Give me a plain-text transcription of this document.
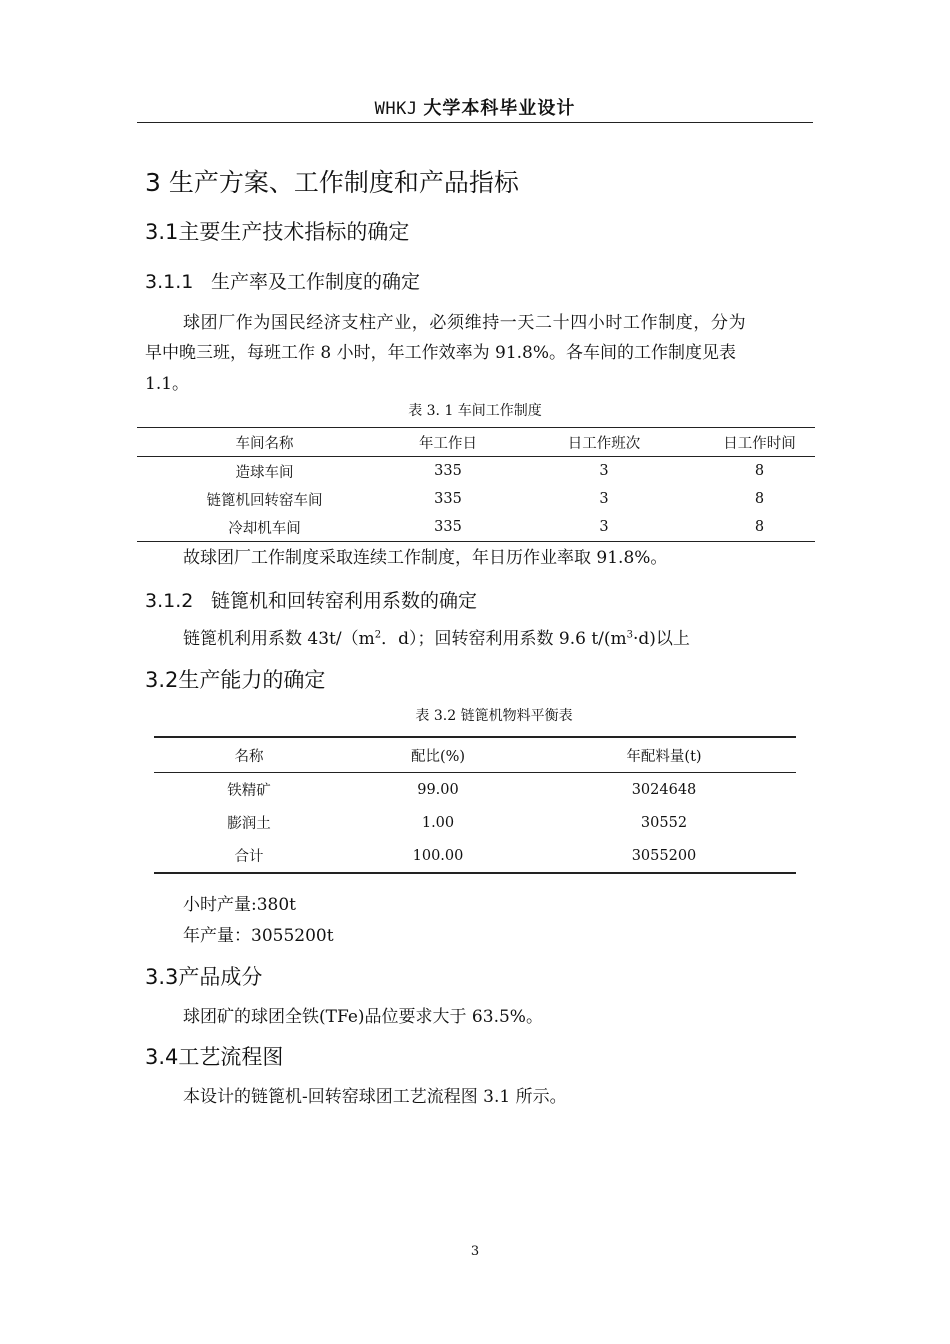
WHKJ 大学本科毕业设计
3 生产方案、工作制度和产品指标
3.1主要生产技术指标的确定
3.1.1 生产率及工作制度的确定
球团厂作为国民经济支柱产业，必须维持一天二十四小时工作制度，分为
早中晚三班，每班工作 8 小时，年工作效率为 91.8%。各车间的工作制度见表
1.1。
表 3. 1 车间工作制度
车间名称	年工作日	日工作班次	日工作时间
造球车间	335	3	8
链篦机回转窑车间	335	3	8
冷却机车间	335	3	8
故球团厂工作制度采取连续工作制度，年日历作业率取 91.8%。
3.1.2 链篦机和回转窑利用系数的确定
链篦机利用系数 $43t/(m^2$．d）；回转窑利用系数 9.6 $t/(m^3\cdot d)$以上
3.2生产能力的确定
表 3.2 链篦机物料平衡表
名称	配比(%)	年配料量(t)
铁精矿	99.00	3024648
膨润土	1.00	30552
合计	100.00	3055200
小时产量:380t
年产量：3055200t
3.3产品成分
球团矿的球团全铁(TFe)品位要求大于 63.5%。
3.4工艺流程图
本设计的链篦机-回转窑球团工艺流程图 3.1 所示。
3
